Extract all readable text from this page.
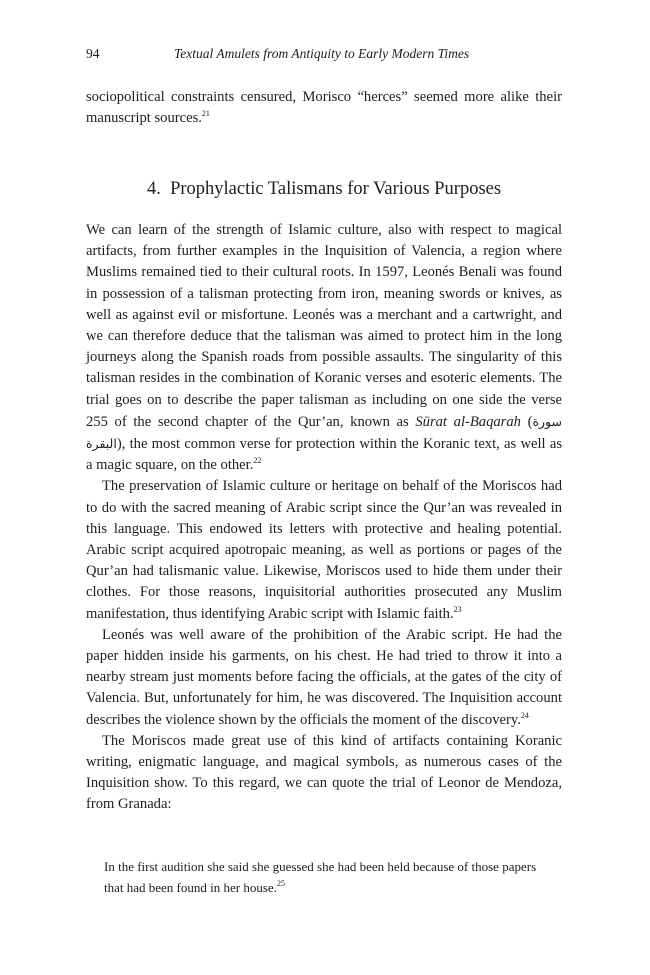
94	Textual Amulets from Antiquity to Early Modern Times

sociopolitical constraints censured, Morisco “herces” seemed more alike their manuscript sources.$^{21}$

4. Prophylactic Talismans for Various Purposes

We can learn of the strength of Islamic culture, also with respect to magical artifacts, from further examples in the Inquisition of Valencia, a region where Muslims remained tied to their cultural roots. In 1597, Leonés Benali was found in possession of a talisman protecting from iron, meaning swords or knives, as well as against evil or misfortune. Leonés was a merchant and a cartwright, and we can therefore deduce that the talisman was aimed to protect him in the long journeys along the Spanish roads from possible assaults. The singularity of this talisman resides in the combination of Koranic verses and esoteric elements. The trial goes on to describe the paper talisman as including on one side the verse 255 of the second chapter of the Qur’an, known as Sūrat al-Baqarah (سورة البقرة), the most common verse for protection within the Koranic text, as well as a magic square, on the other.$^{22}$

The preservation of Islamic culture or heritage on behalf of the Moriscos had to do with the sacred meaning of Arabic script since the Qur’an was revealed in this language. This endowed its letters with protective and healing potential. Arabic script acquired apotropaic meaning, as well as portions or pages of the Qur’an had talismanic value. Likewise, Moriscos used to hide them under their clothes. For those reasons, inquisitorial authorities prosecuted any Muslim manifestation, thus identifying Arabic script with Islamic faith.$^{23}$

Leonés was well aware of the prohibition of the Arabic script. He had the paper hidden inside his garments, on his chest. He had tried to throw it into a nearby stream just moments before facing the officials, at the gates of the city of Valencia. But, unfortunately for him, he was discovered. The Inquisition account describes the violence shown by the officials the moment of the discovery.$^{24}$

The Moriscos made great use of this kind of artifacts containing Koranic writing, enigmatic language, and magical symbols, as numerous cases of the Inquisition show. To this regard, we can quote the trial of Leonor de Mendoza, from Granada:

In the first audition she said she guessed she had been held because of those papers that had been found in her house.$^{25}$
